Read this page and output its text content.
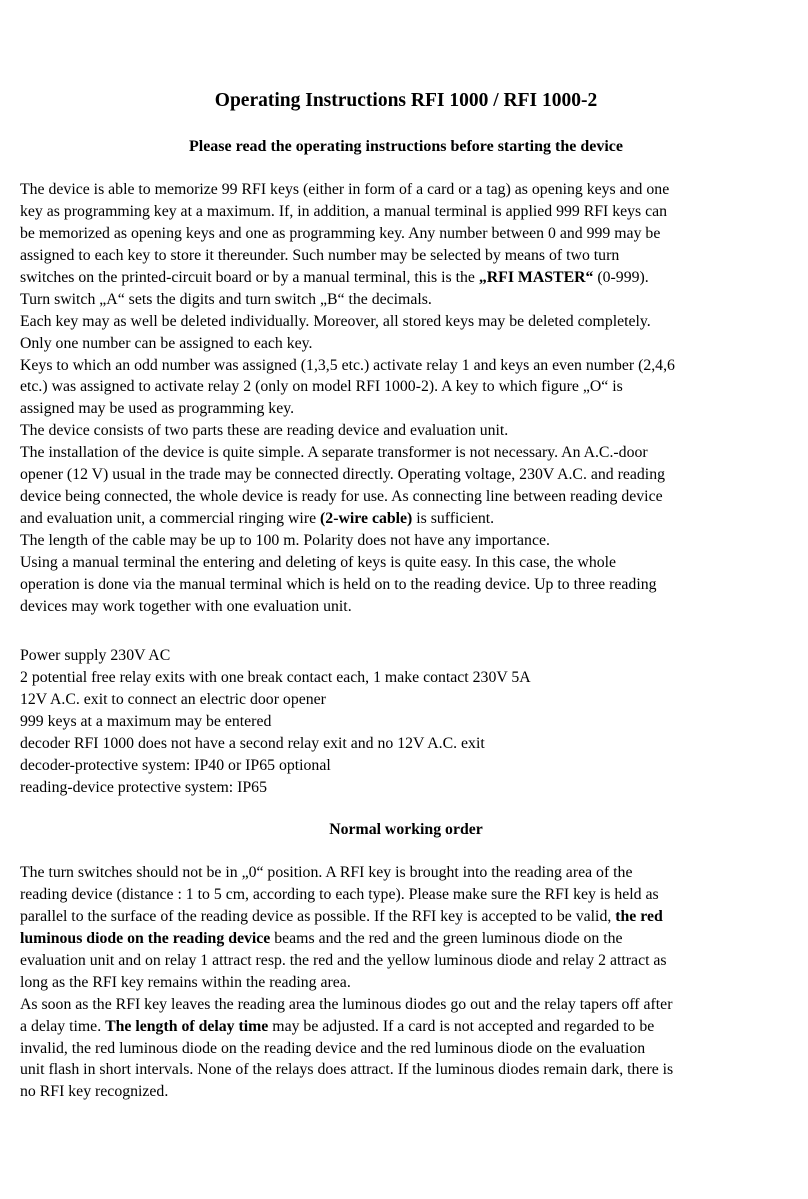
Operating Instructions RFI 1000 / RFI 1000-2
Please read the operating instructions before starting the device
The device is able to memorize 99 RFI keys (either in form of a card or a tag) as opening keys and one
key as programming key at a maximum. If, in addition, a manual terminal is applied 999 RFI keys can
be memorized as opening keys and one as programming key. Any number between 0 and 999 may be
assigned to each key to store it thereunder. Such number may be selected by means of two turn
switches on the printed-circuit board or by a manual terminal, this is the „RFI MASTER“ (0-999).
Turn switch „A“ sets the digits and turn switch „B“ the decimals.
Each key may as well be deleted individually. Moreover, all stored keys may be deleted completely.
Only one number can be assigned to each key.
Keys to which an odd number was assigned (1,3,5 etc.) activate relay 1 and keys an even number (2,4,6
etc.) was assigned to activate relay 2 (only on model RFI 1000-2). A key to which figure „O“ is
assigned may be used as programming key.
The device consists of two parts these are reading device and evaluation unit.
The installation of the device is quite simple. A separate transformer is not necessary. An A.C.-door
opener (12 V) usual in the trade may be connected directly. Operating voltage, 230V A.C. and reading
device being connected, the whole device is ready for use. As connecting line between reading device
and evaluation unit, a commercial ringing wire (2-wire cable) is sufficient.
The length of the cable may be up to 100 m. Polarity does not have any importance.
Using a manual terminal the entering and deleting of keys is quite easy. In this case, the whole
operation is done via the manual terminal which is held on to the reading device. Up to three reading
devices may work together with one evaluation unit.
Power supply 230V AC
2 potential free relay exits with one break contact each, 1 make contact 230V 5A
12V A.C. exit to connect an electric door opener
999 keys at a maximum may be entered
decoder RFI 1000 does not have a second relay exit and no 12V A.C. exit
decoder-protective system: IP40 or IP65 optional
reading-device protective system: IP65
Normal working order
The turn switches should not be in „0“ position. A RFI key is brought into the reading area of the
reading device (distance : 1 to 5 cm, according to each type). Please make sure the RFI key is held as
parallel to the surface of the reading device as possible. If the RFI key is accepted to be valid, the red
luminous diode on the reading device beams and the red and the green luminous diode on the
evaluation unit and on relay 1 attract resp. the red and the yellow luminous diode and relay 2 attract as
long as the RFI key remains within the reading area.
As soon as the RFI key leaves the reading area the luminous diodes go out and the relay tapers off after
a delay time. The length of delay time may be adjusted. If a card is not accepted and regarded to be
invalid, the red luminous diode on the reading device and the red luminous diode on the evaluation
unit flash in short intervals. None of the relays does attract. If the luminous diodes remain dark, there is
no RFI key recognized.
